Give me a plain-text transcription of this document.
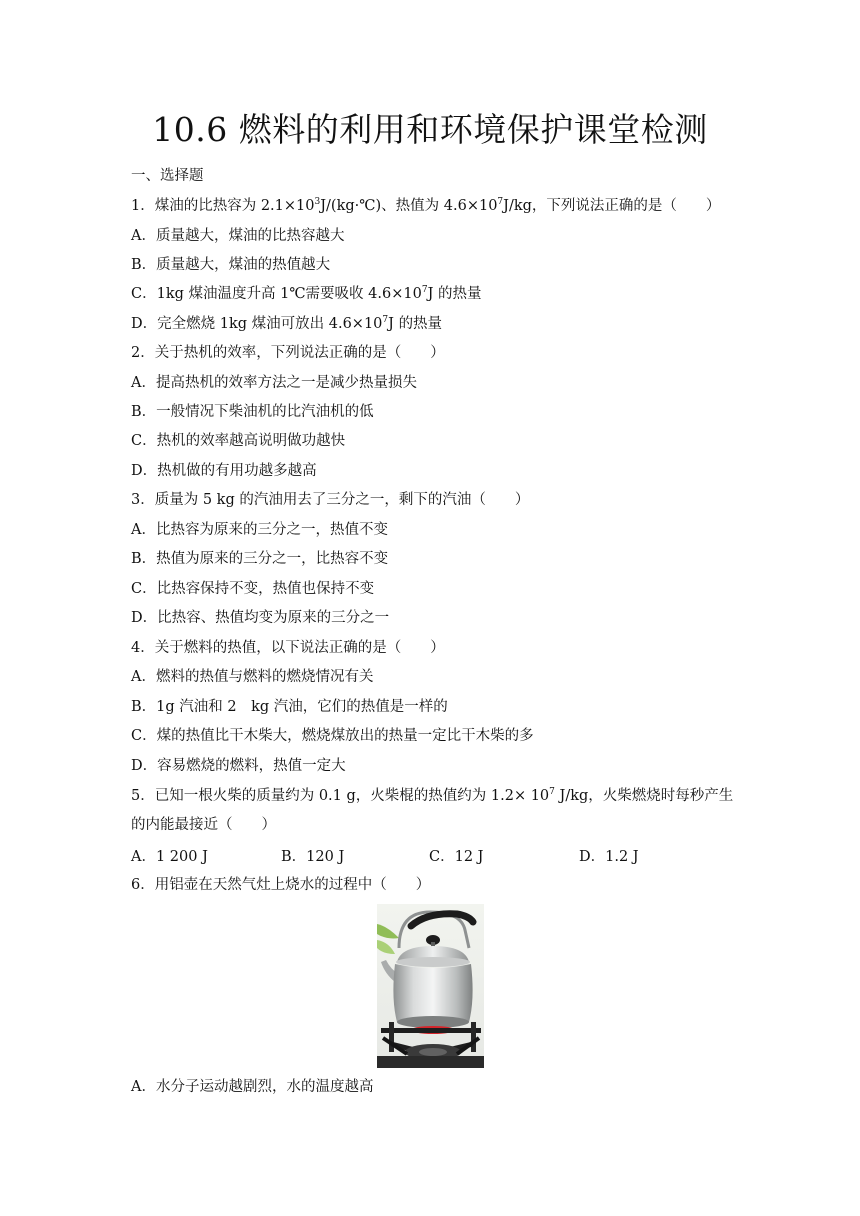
10.6 燃料的利用和环境保护课堂检测
一、选择题
1．煤油的比热容为 $2.1\times 10^3J/(kg\cdot℃)$、热值为 $4.6\times 10^7J/kg$，下列说法正确的是（　　）
A．质量越大，煤油的比热容越大
B．质量越大，煤油的热值越大
C．1kg 煤油温度升高 1℃需要吸收 $4.6\times 10^7J$ 的热量
D．完全燃烧 1kg 煤油可放出 $4.6\times 10^7J$ 的热量
2．关于热机的效率，下列说法正确的是（　　）
A．提高热机的效率方法之一是减少热量损失
B．一般情况下柴油机的比汽油机的低
C．热机的效率越高说明做功越快
D．热机做的有用功越多越高
3．质量为 5 kg 的汽油用去了三分之一，剩下的汽油（　　）
A．比热容为原来的三分之一，热值不变
B．热值为原来的三分之一，比热容不变
C．比热容保持不变，热值也保持不变
D．比热容、热值均变为原来的三分之一
4．关于燃料的热值，以下说法正确的是（　　）
A．燃料的热值与燃料的燃烧情况有关
B．1g 汽油和 2　kg 汽油，它们的热值是一样的
C．煤的热值比干木柴大，燃烧煤放出的热量一定比干木柴的多
D．容易燃烧的燃料，热值一定大
5．已知一根火柴的质量约为 0.1 g，火柴棍的热值约为 $1.2\times 10^7$ J/kg，火柴燃烧时每秒产生
的内能最接近（　　）
A．1 200 J	B．120 J	C．12 J	D．1.2 J
6．用铝壶在天然气灶上烧水的过程中（　　）
A．水分子运动越剧烈，水的温度越高
